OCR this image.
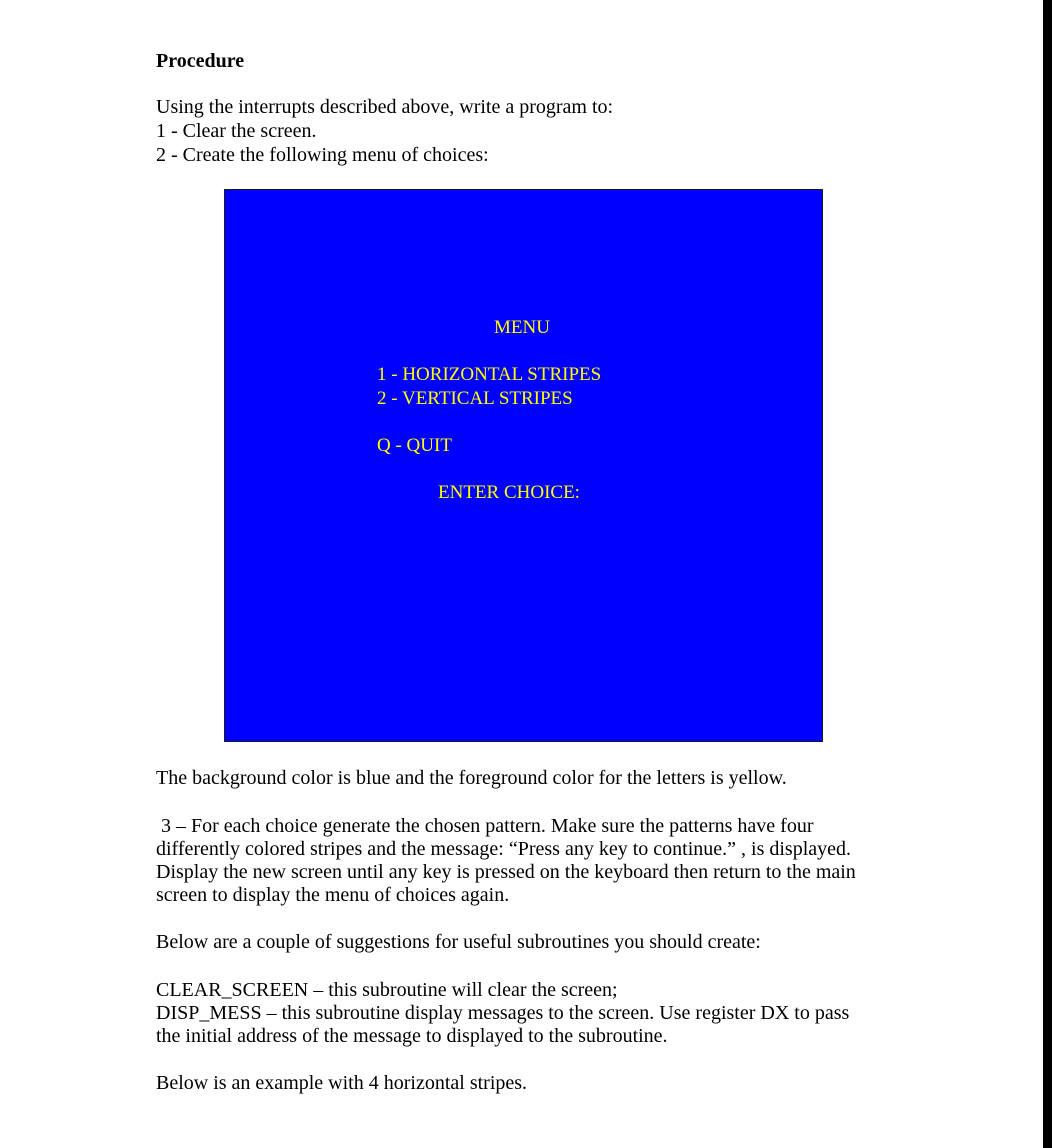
Procedure
Using the interrupts described above, write a program to:
1 - Clear the screen.
2 - Create the following menu of choices:
MENU
1 - HORIZONTAL STRIPES
2 - VERTICAL STRIPES
Q - QUIT
ENTER CHOICE:
The background color is blue and the foreground color for the letters is yellow.
3 – For each choice generate the chosen pattern. Make sure the patterns have four
differently colored stripes and the message: “Press any key to continue.” , is displayed.
Display the new screen until any key is pressed on the keyboard then return to the main
screen to display the menu of choices again.
Below are a couple of suggestions for useful subroutines you should create:
CLEAR_SCREEN – this subroutine will clear the screen;
DISP_MESS – this subroutine display messages to the screen. Use register DX to pass
the initial address of the message to displayed to the subroutine.
Below is an example with 4 horizontal stripes.
